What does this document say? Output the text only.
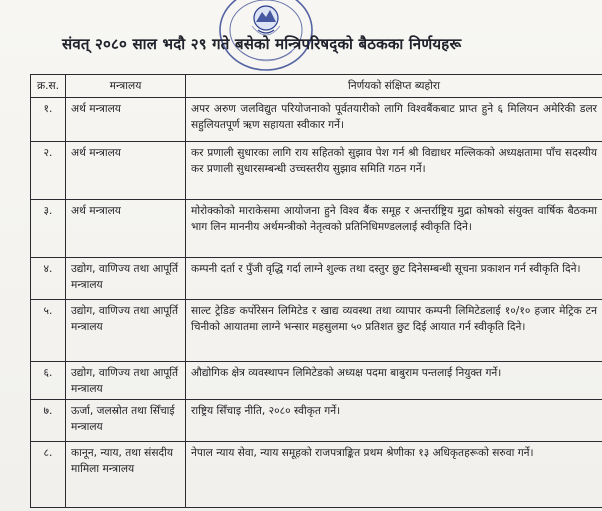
संवत् २०८० साल भदौ २९ गते बसेको मन्त्रिपरिषद्को बैठकका निर्णयहरू
क्र.स.	मन्त्रालय	निर्णयको संक्षिप्त ब्यहोरा
१.	अर्थ मन्त्रालय	अपर अरुण जलविद्युत परियोजनाको पूर्वतयारीको लागि विश्वबैंकबाट प्राप्त हुने ६ मिलियन अमेरिकी डलर सहुलियतपूर्ण ऋण सहायता स्वीकार गर्ने।
२.	अर्थ मन्त्रालय	कर प्रणाली सुधारका लागि राय सहितको सुझाव पेश गर्न श्री विद्याधर मल्लिकको अध्यक्षतामा पाँच सदस्यीय कर प्रणाली सुधारसम्बन्धी उच्चस्तरीय सुझाव समिति गठन गर्ने।
३.	अर्थ मन्त्रालय	मोरोक्कोको माराकेसमा आयोजना हुने विश्व बैंक समूह र अन्तर्राष्ट्रिय मुद्रा कोषको संयुक्त वार्षिक बैठकमा भाग लिन माननीय अर्थमन्त्रीको नेतृत्वको प्रतिनिधिमण्डललाई स्वीकृति दिने।
४.	उद्योग, वाणिज्य तथा आपूर्ति मन्त्रालय	कम्पनी दर्ता र पुँजी वृद्धि गर्दा लाग्ने शुल्क तथा दस्तुर छुट दिनेसम्बन्धी सूचना प्रकाशन गर्न स्वीकृति दिने।
५.	उद्योग, वाणिज्य तथा आपूर्ति मन्त्रालय	साल्ट ट्रेडिङ कर्पोरेसन लिमिटेड र खाद्य व्यवस्था तथा व्यापार कम्पनी लिमिटेडलाई १०/१० हजार मेट्रिक टन चिनीको आयातमा लाग्ने भन्सार महसुलमा ५० प्रतिशत छुट दिई आयात गर्न स्वीकृति दिने।
६.	उद्योग, वाणिज्य तथा आपूर्ति मन्त्रालय	औद्योगिक क्षेत्र व्यवस्थापन लिमिटेडको अध्यक्ष पदमा बाबुराम पन्तलाई नियुक्त गर्ने।
७.	ऊर्जा, जलस्रोत तथा सिँचाई मन्त्रालय	राष्ट्रिय सिँचाइ नीति, २०८० स्वीकृत गर्ने।
८.	कानून, न्याय, तथा संसदीय मामिला मन्त्रालय	नेपाल न्याय सेवा, न्याय समूहको राजपत्राङ्कित प्रथम श्रेणीका १३ अधिकृतहरूको सरुवा गर्ने।
